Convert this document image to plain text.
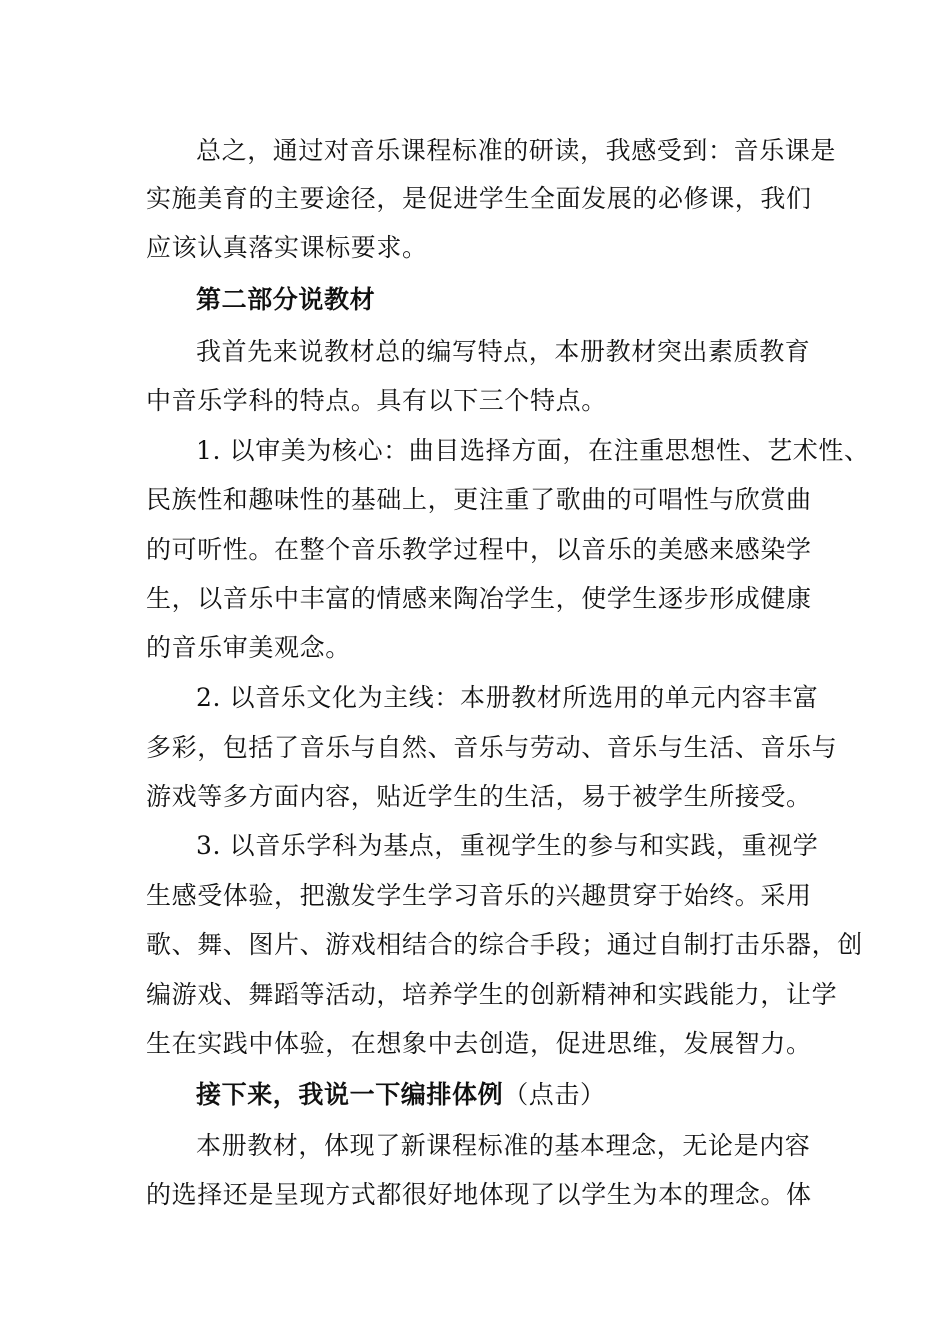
总之，通过对音乐课程标准的研读，我感受到：音乐课是
实施美育的主要途径，是促进学生全面发展的必修课，我们
应该认真落实课标要求。
第二部分说教材
我首先来说教材总的编写特点，本册教材突出素质教育
中音乐学科的特点。具有以下三个特点。
1. 以审美为核心：曲目选择方面，在注重思想性、艺术性、
民族性和趣味性的基础上，更注重了歌曲的可唱性与欣赏曲
的可听性。在整个音乐教学过程中，以音乐的美感来感染学
生，以音乐中丰富的情感来陶冶学生，使学生逐步形成健康
的音乐审美观念。
2. 以音乐文化为主线：本册教材所选用的单元内容丰富
多彩，包括了音乐与自然、音乐与劳动、音乐与生活、音乐与
游戏等多方面内容，贴近学生的生活，易于被学生所接受。
3. 以音乐学科为基点，重视学生的参与和实践，重视学
生感受体验，把激发学生学习音乐的兴趣贯穿于始终。采用
歌、舞、图片、游戏相结合的综合手段；通过自制打击乐器，创
编游戏、舞蹈等活动，培养学生的创新精神和实践能力，让学
生在实践中体验，在想象中去创造，促进思维，发展智力。
接下来，我说一下编排体例（点击）
本册教材，体现了新课程标准的基本理念，无论是内容
的选择还是呈现方式都很好地体现了以学生为本的理念。体
